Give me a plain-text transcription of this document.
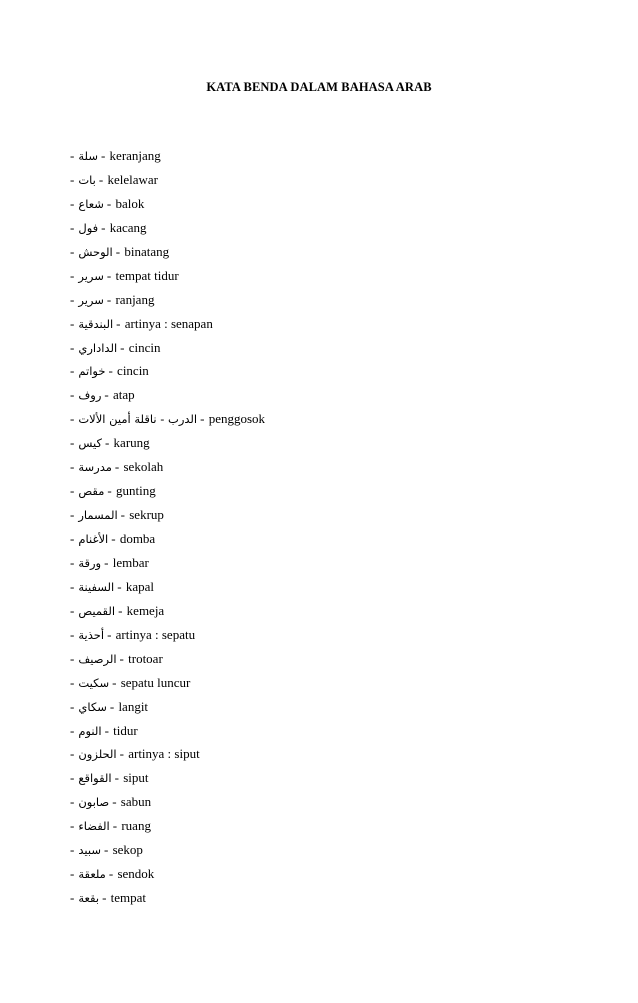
KATA BENDA DALAM BAHASA ARAB
- سلة - keranjang
- بات - kelelawar
- شعاع - balok
- فول - kacang
- الوحش - binatang
- سرير - tempat tidur
- سرير - ranjang
- البندقية - artinya : senapan
- الداداري - cincin
- خواتم - cincin
- روف - atap
- الدرب - ناقلة أمين الألات - penggosok
- كيس - karung
- مدرسة - sekolah
- مقص - gunting
- المسمار - sekrup
- الأغنام - domba
- ورقة - lembar
- السفينة - kapal
- القميص - kemeja
- أحذية - artinya : sepatu
- الرصيف - trotoar
- سكيت - sepatu luncur
- سكاي - langit
- النوم - tidur
- الحلزون - artinya : siput
- القواقع - siput
- صابون - sabun
- الفضاء - ruang
- سبيد - sekop
- ملعقة - sendok
- بقعة - tempat
